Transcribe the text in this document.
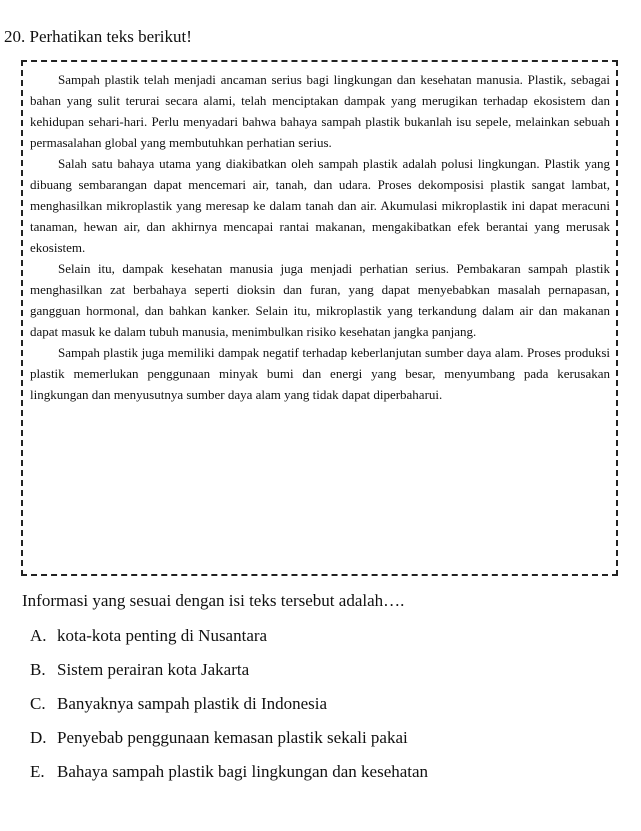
20. Perhatikan teks berikut!

Sampah plastik telah menjadi ancaman serius bagi lingkungan dan kesehatan manusia. Plastik, sebagai bahan yang sulit terurai secara alami, telah menciptakan dampak yang merugikan terhadap ekosistem dan kehidupan sehari-hari. Perlu menyadari bahwa bahaya sampah plastik bukanlah isu sepele, melainkan sebuah permasalahan global yang membutuhkan perhatian serius.

Salah satu bahaya utama yang diakibatkan oleh sampah plastik adalah polusi lingkungan. Plastik yang dibuang sembarangan dapat mencemari air, tanah, dan udara. Proses dekomposisi plastik sangat lambat, menghasilkan mikroplastik yang meresap ke dalam tanah dan air. Akumulasi mikroplastik ini dapat meracuni tanaman, hewan air, dan akhirnya mencapai rantai makanan, mengakibatkan efek berantai yang merusak ekosistem.

Selain itu, dampak kesehatan manusia juga menjadi perhatian serius. Pembakaran sampah plastik menghasilkan zat berbahaya seperti dioksin dan furan, yang dapat menyebabkan masalah pernapasan, gangguan hormonal, dan bahkan kanker. Selain itu, mikroplastik yang terkandung dalam air dan makanan dapat masuk ke dalam tubuh manusia, menimbulkan risiko kesehatan jangka panjang.

Sampah plastik juga memiliki dampak negatif terhadap keberlanjutan sumber daya alam. Proses produksi plastik memerlukan penggunaan minyak bumi dan energi yang besar, menyumbang pada kerusakan lingkungan dan menyusutnya sumber daya alam yang tidak dapat diperbaharui.

Informasi yang sesuai dengan isi teks tersebut adalah….

A. kota-kota penting di Nusantara
B. Sistem perairan kota Jakarta
C. Banyaknya sampah plastik di Indonesia
D. Penyebab penggunaan kemasan plastik sekali pakai
E. Bahaya sampah plastik bagi lingkungan dan kesehatan
